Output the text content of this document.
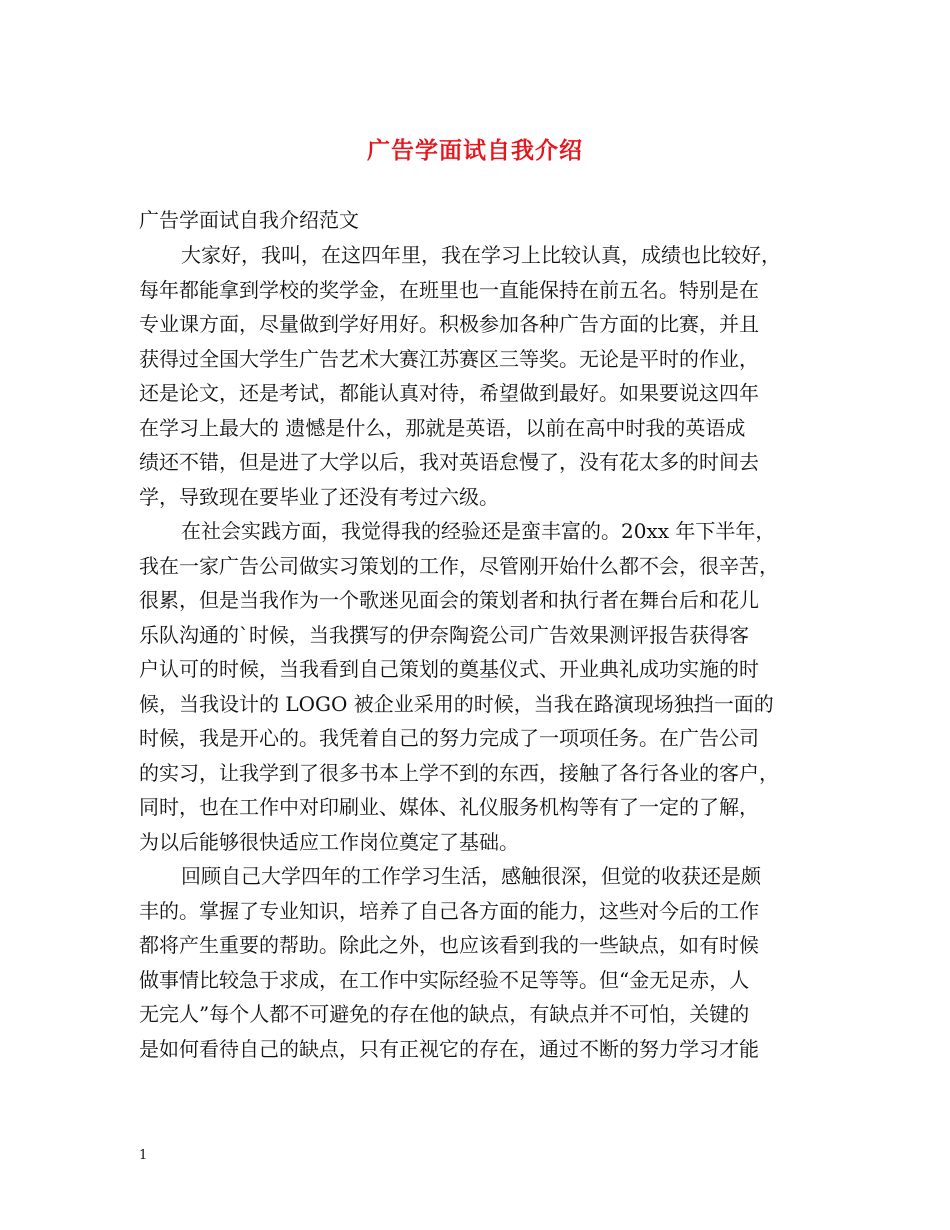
广告学面试自我介绍
广告学面试自我介绍范文
大家好，我叫，在这四年里，我在学习上比较认真，成绩也比较好，
每年都能拿到学校的奖学金，在班里也一直能保持在前五名。特别是在
专业课方面，尽量做到学好用好。积极参加各种广告方面的比赛，并且
获得过全国大学生广告艺术大赛江苏赛区三等奖。无论是平时的作业，
还是论文，还是考试，都能认真对待，希望做到最好。如果要说这四年
在学习上最大的 遗憾是什么，那就是英语，以前在高中时我的英语成
绩还不错，但是进了大学以后，我对英语怠慢了，没有花太多的时间去
学，导致现在要毕业了还没有考过六级。
在社会实践方面，我觉得我的经验还是蛮丰富的。20xx 年下半年，
我在一家广告公司做实习策划的工作，尽管刚开始什么都不会，很辛苦，
很累，但是当我作为一个歌迷见面会的策划者和执行者在舞台后和花儿
乐队沟通的`时候，当我撰写的伊奈陶瓷公司广告效果测评报告获得客
户认可的时候，当我看到自己策划的奠基仪式、开业典礼成功实施的时
候，当我设计的 LOGO 被企业采用的时候，当我在路演现场独挡一面的
时候，我是开心的。我凭着自己的努力完成了一项项任务。在广告公司
的实习，让我学到了很多书本上学不到的东西，接触了各行各业的客户，
同时，也在工作中对印刷业、媒体、礼仪服务机构等有了一定的了解，
为以后能够很快适应工作岗位奠定了基础。
回顾自己大学四年的工作学习生活，感触很深，但觉的收获还是颇
丰的。掌握了专业知识，培养了自己各方面的能力，这些对今后的工作
都将产生重要的帮助。除此之外，也应该看到我的一些缺点，如有时候
做事情比较急于求成，在工作中实际经验不足等等。但“金无足赤，人
无完人”每个人都不可避免的存在他的缺点，有缺点并不可怕，关键的
是如何看待自己的缺点，只有正视它的存在，通过不断的努力学习才能
1
